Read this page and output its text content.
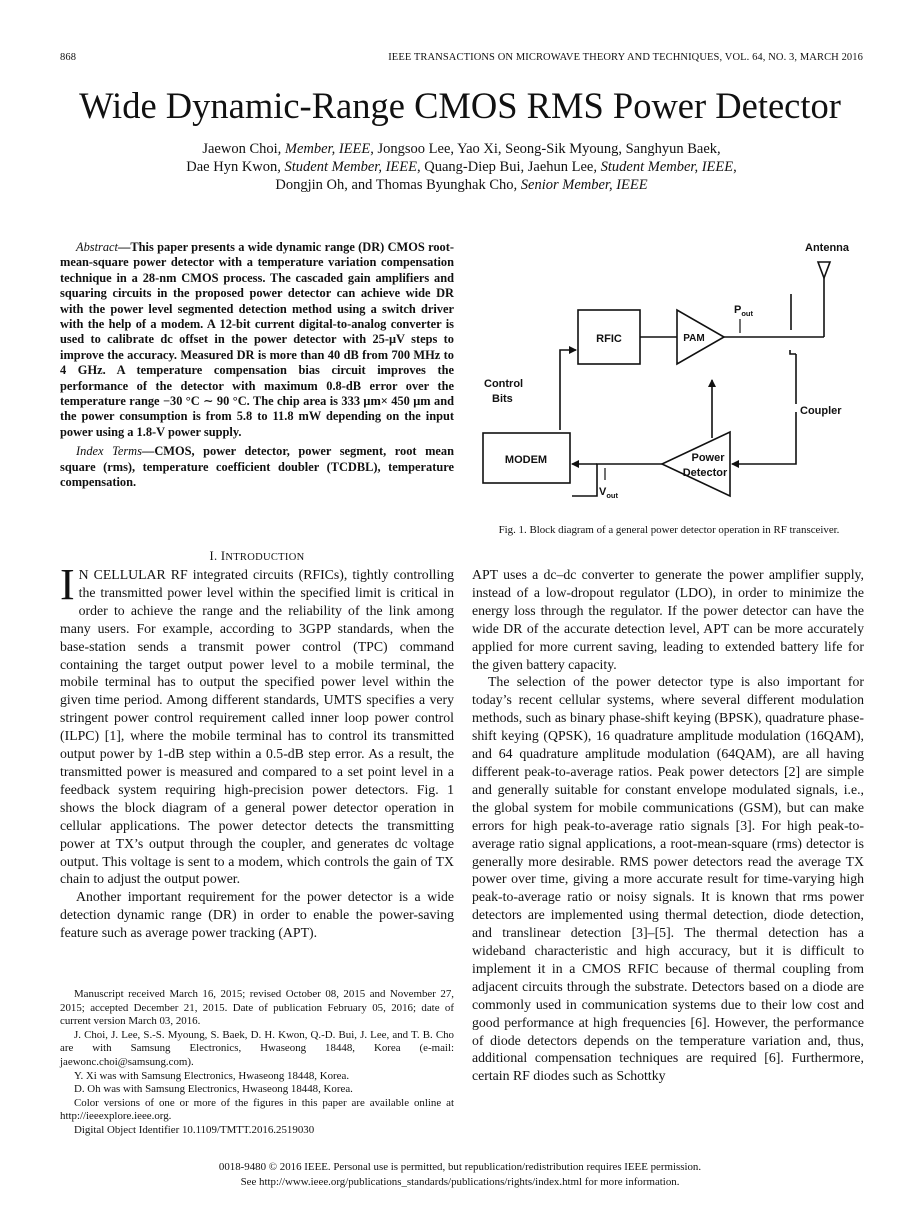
868	IEEE TRANSACTIONS ON MICROWAVE THEORY AND TECHNIQUES, VOL. 64, NO. 3, MARCH 2016
Wide Dynamic-Range CMOS RMS Power Detector
Jaewon Choi, Member, IEEE, Jongsoo Lee, Yao Xi, Seong-Sik Myoung, Sanghyun Baek,
Dae Hyn Kwon, Student Member, IEEE, Quang-Diep Bui, Jaehun Lee, Student Member, IEEE,
Dongjin Oh, and Thomas Byunghak Cho, Senior Member, IEEE

Abstract—This paper presents a wide dynamic range (DR) CMOS root-mean-square power detector with a temperature variation compensation technique in a 28-nm CMOS process. The cascaded gain amplifiers and squaring circuits in the proposed power detector can achieve wide DR with the power level segmented detection method using a switch driver with the help of a modem. A 12-bit current digital-to-analog converter is used to calibrate dc offset in the power detector with 25-μV steps to improve the accuracy. Measured DR is more than 40 dB from 700 MHz to 4 GHz. A temperature compensation bias circuit improves the performance of the detector with maximum 0.8-dB error over the temperature range −30 °C ∼ 90 °C. The chip area is 333 μm× 450 μm and the power consumption is from 5.8 to 11.8 mW depending on the input power using a 1.8-V power supply.

Index Terms—CMOS, power detector, power segment, root mean square (rms), temperature coefficient doubler (TCDBL), temperature compensation.

I. INTRODUCTION

I N CELLULAR RF integrated circuits (RFICs), tightly controlling the transmitted power level within the specified limit is critical in order to achieve the range and the reliability of the link among many users. For example, according to 3GPP standards, when the base-station sends a transmit power control (TPC) command containing the target output power level to a mobile terminal, the mobile terminal has to output the specified power level within the given time period. Among different standards, UMTS specifies a very stringent power control requirement called inner loop power control (ILPC) [1], where the mobile terminal has to control its transmitted output power by 1-dB step within a 0.5-dB step error. As a result, the transmitted power is measured and compared to a set point level in a feedback system requiring high-precision power detectors. Fig. 1 shows the block diagram of a general power detector operation in cellular applications. The power detector detects the transmitting power at TX’s output through the coupler, and generates dc voltage output. This voltage is sent to a modem, which controls the gain of TX chain to adjust the output power.

Another important requirement for the power detector is a wide detection dynamic range (DR) in order to enable the power-saving feature such as average power tracking (APT).

Manuscript received March 16, 2015; revised October 08, 2015 and November 27, 2015; accepted December 21, 2015. Date of publication February 05, 2016; date of current version March 03, 2016.

J. Choi, J. Lee, S.-S. Myoung, S. Baek, D. H. Kwon, Q.-D. Bui, J. Lee, and T. B. Cho are with Samsung Electronics, Hwaseong 18448, Korea (e-mail: jaewonc.choi@samsung.com).

Y. Xi was with Samsung Electronics, Hwaseong 18448, Korea.

D. Oh was with Samsung Electronics, Hwaseong 18448, Korea.

Color versions of one or more of the figures in this paper are available online at http://ieeexplore.ieee.org.

Digital Object Identifier 10.1109/TMTT.2016.2519030

Antenna
RFIC	PAM
$P_{out}$
Control
Bits
Coupler
Power
Detector
MODEM
$V_{out}$
Fig. 1. Block diagram of a general power detector operation in RF transceiver.

APT uses a dc–dc converter to generate the power amplifier supply, instead of a low-dropout regulator (LDO), in order to minimize the energy loss through the regulator. If the power detector can have the wide DR of the accurate detection level, APT can be more accurately applied for more current saving, leading to extended battery life for the given battery capacity.

The selection of the power detector type is also important for today’s recent cellular systems, where several different modulation methods, such as binary phase-shift keying (BPSK), quadrature phase-shift keying (QPSK), 16 quadrature amplitude modulation (16QAM), and 64 quadrature amplitude modulation (64QAM), are all having different peak-to-average ratios. Peak power detectors [2] are simple and generally suitable for constant envelope modulated signals, i.e., the global system for mobile communications (GSM), but can make errors for high peak-to-average ratio signals [3]. For high peak-to-average ratio signal applications, a root-mean-square (rms) detector is generally more desirable. RMS power detectors read the average TX power over time, giving a more accurate result for time-varying high peak-to-average ratio or noisy signals. It is known that rms power detectors are implemented using thermal detection, diode detection, and translinear detection [3]–[5]. The thermal detection has a wideband characteristic and high accuracy, but it is difficult to implement it in a CMOS RFIC because of thermal coupling from adjacent circuits through the substrate. Detectors based on a diode are commonly used in communication systems due to their low cost and good performance at high frequencies [6]. However, the performance of diode detectors depends on the temperature variation and, thus, additional compensation techniques are required [6]. Furthermore, certain RF diodes such as Schottky

0018-9480 © 2016 IEEE. Personal use is permitted, but republication/redistribution requires IEEE permission.
See http://www.ieee.org/publications_standards/publications/rights/index.html for more information.
